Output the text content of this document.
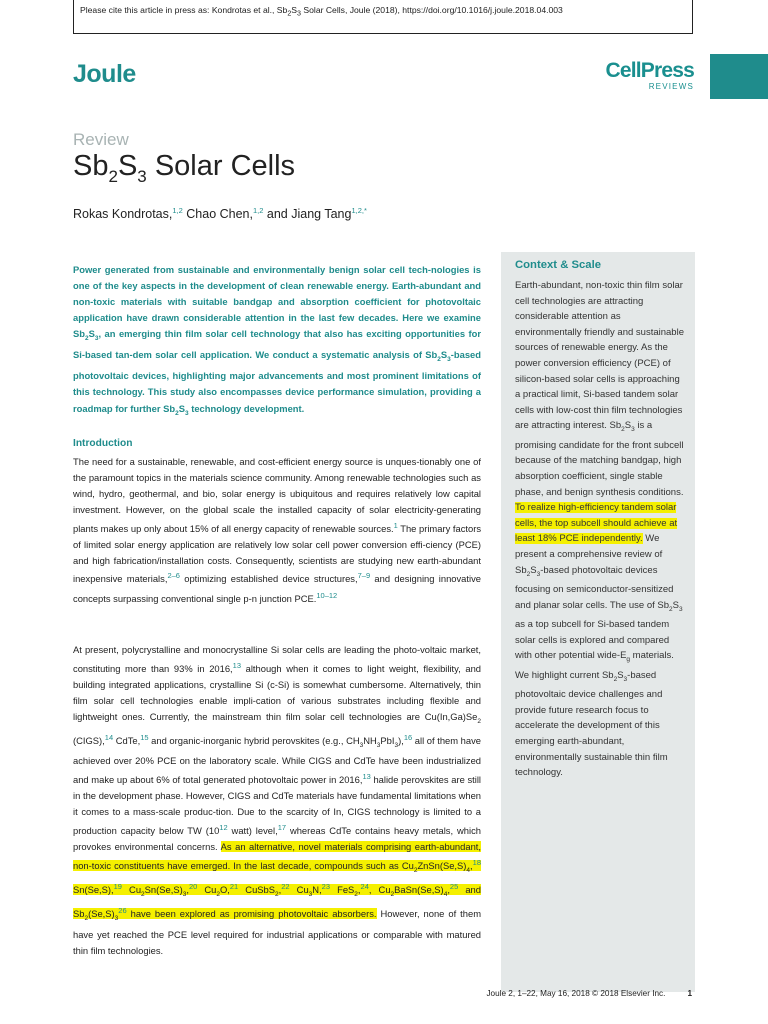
Please cite this article in press as: Kondrotas et al., $Sb_2S_3$ Solar Cells, Joule (2018), https://doi.org/10.1016/j.joule.2018.04.003
Joule	CellPress
REVIEWS
Review
$Sb_2S_3$ Solar Cells
Rokas Kondrotas,$^{1,2}$ Chao Chen,$^{1,2}$ and Jiang Tang$^{1,2,*}$

Power generated from sustainable and environmentally benign solar cell tech-nologies is one of the key aspects in the development of clean renewable energy. Earth-abundant and non-toxic materials with suitable bandgap and absorption coefficient for photovoltaic application have drawn considerable attention in the last few decades. Here we examine $Sb_2S_3$, an emerging thin film solar cell technology that also has exciting opportunities for Si-based tan-dem solar cell application. We conduct a systematic analysis of $Sb_2S_3$-based photovoltaic devices, highlighting major advancements and most prominent limitations of this technology. This study also encompasses device performance simulation, providing a roadmap for further $Sb_2S_3$ technology development.

Introduction

The need for a sustainable, renewable, and cost-efficient energy source is unques-tionably one of the paramount topics in the materials science community. Among renewable technologies such as wind, hydro, geothermal, and bio, solar energy is ubiquitous and requires relatively low capital investment. However, on the global scale the installed capacity of solar electricity-generating plants makes up only about 15% of all energy capacity of renewable sources.$^1$ The primary factors of limited solar energy application are relatively low solar cell power conversion effi-ciency (PCE) and high fabrication/installation costs. Consequently, scientists are studying new earth-abundant inexpensive materials,$^{2-6}$ optimizing established device structures,$^{7-9}$ and designing innovative concepts surpassing conventional single p-n junction PCE.$^{10-12}$

At present, polycrystalline and monocrystalline Si solar cells are leading the photo-voltaic market, constituting more than 93% in 2016,13 although when it comes to light weight, flexibility, and building integrated applications, crystalline Si (c-Si) is somewhat cumbersome. Alternatively, thin film solar cell technologies enable impli-cation of various substrates including flexible and lightweight ones. Currently, the mainstream thin film solar cell technologies are $Cu(In,Ga)Se_2$ (CIGS),$^{14}$ CdTe,$^{15}$ and organic-inorganic hybrid perovskites (e.g., $CH_3NH_3PbI_3),^{16}$ all of them have achieved over 20% PCE on the laboratory scale. While CIGS and CdTe have been industrialized and make up about 6% of total generated photovoltaic power in 2016,13 halide perovskites are still in the development phase. However, CIGS and CdTe materials have fundamental limitations when it comes to a mass-scale produc-tion. Due to the scarcity of In, CIGS technology is limited to a production capacity below TW ($10^{12}$ watt) level,$^{17}$ whereas CdTe contains heavy metals, which provokes environmental concerns. As an alternative, novel materials comprising earth-abundant, non-toxic constituents have emerged. In the last decade, compounds such as $Cu_2ZnSn(Se,S)_4,^{18}$ Sn(Se,S),$^{19}$ $Cu_2Sn(Se,S)_3,^{20}$ $Cu_2O,^{21}$ CuSbS$_2$,$^{22}$ $Cu_3N,^{23}$ FeS$_2$,$^{24}$, $Cu_2BaSn(Se,S)_4,^{25}$ and $Sb_2(Se,S)_3^{26}$ have been explored as promising photovoltaic absorbers. However, none of them have yet reached the PCE level required for industrial applications or comparable with matured thin film technologies.

Context & Scale

Earth-abundant, non-toxic thin film solar cell technologies are attracting considerable attention as environmentally friendly and sustainable sources of renewable energy. As the power conversion efficiency (PCE) of silicon-based solar cells is approaching a practical limit, Si-based tandem solar cells with low-cost thin film technologies are attracting interest. $Sb_2S_3$ is a promising candidate for the front subcell because of the matching bandgap, high absorption coefficient, single stable phase, and benign synthesis conditions. To realize high-efficiency tandem solar cells, the top subcell should achieve at least 18% PCE independently. We present a comprehensive review of $Sb_2S_3$-based photovoltaic devices focusing on semiconductor-sensitized and planar solar cells. The use of $Sb_2S_3$ as a top subcell for Si-based tandem solar cells is explored and compared with other potential wide-$E_g$ materials. We highlight current $Sb_2S_3$-based photovoltaic device challenges and provide future research focus to accelerate the development of this emerging earth-abundant, environmentally sustainable thin film technology.

Joule 2, 1–22, May 16, 2018 © 2018 Elsevier Inc.	1
